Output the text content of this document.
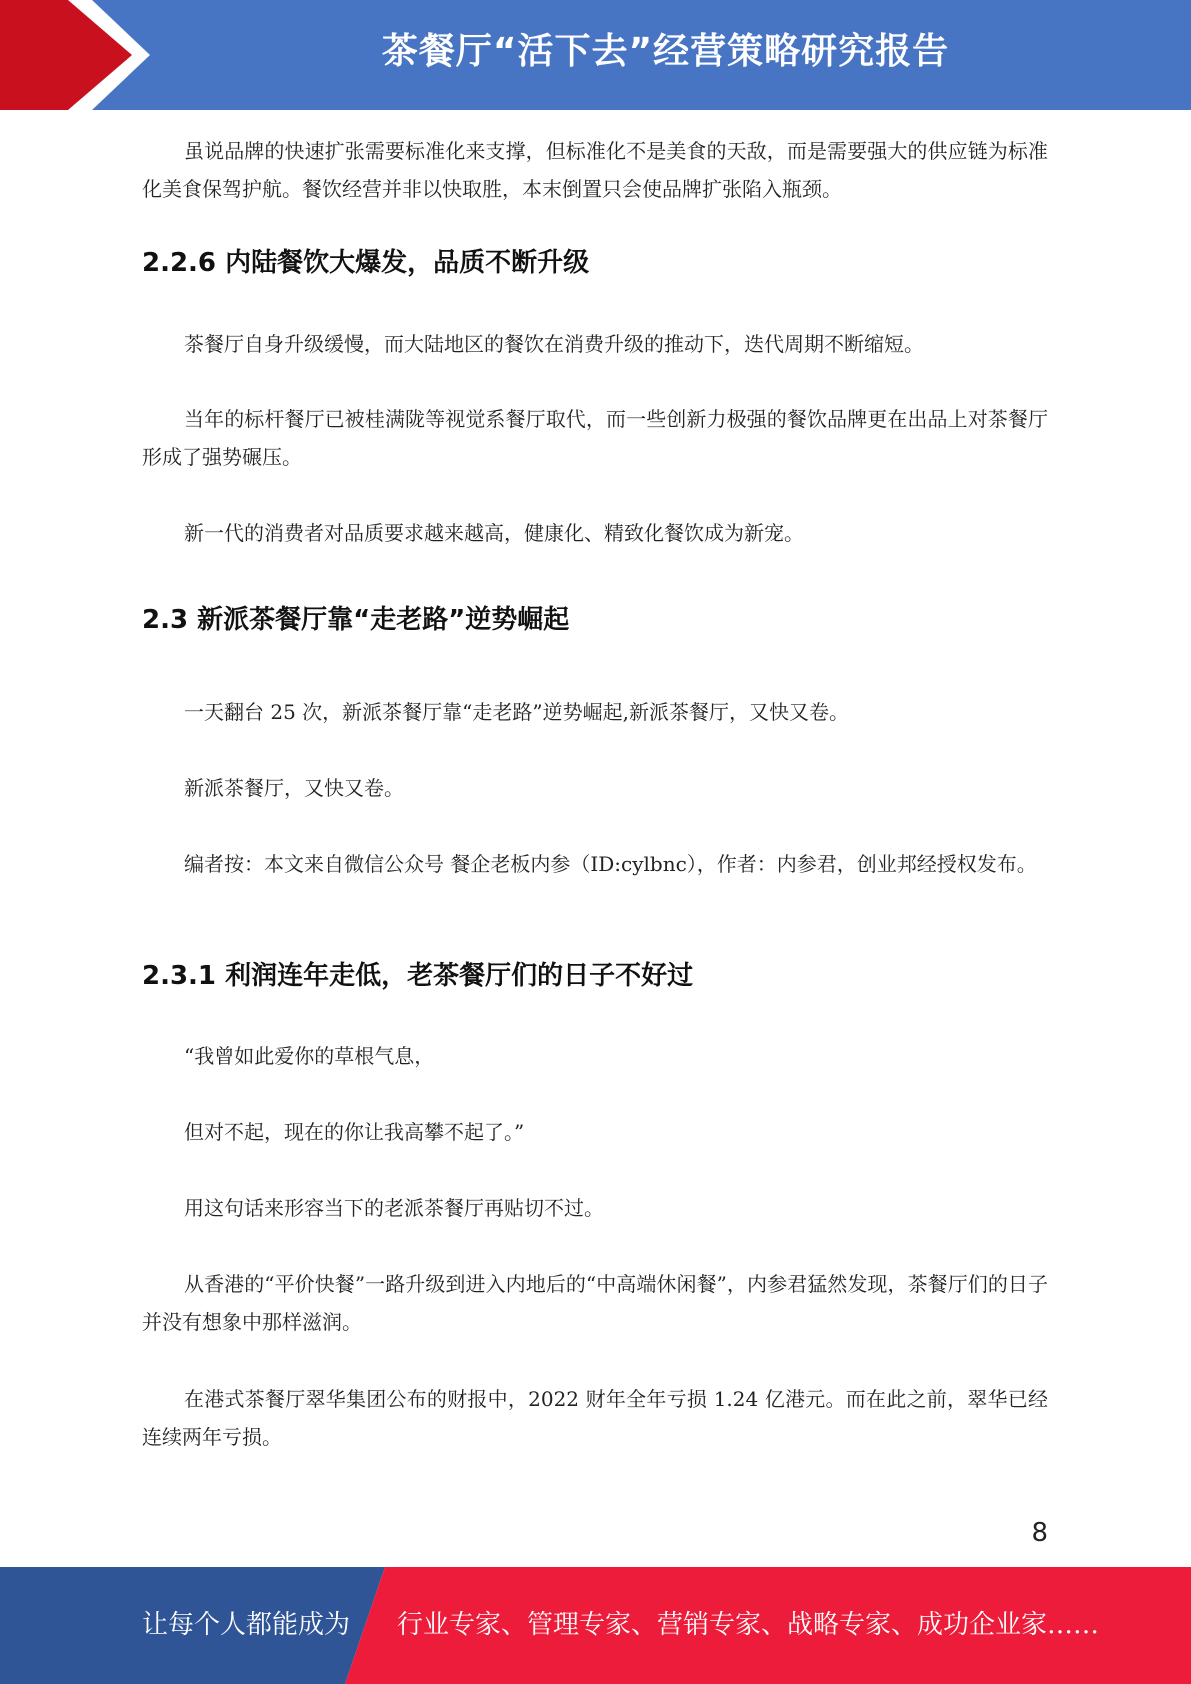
茶餐厅“活下去”经营策略研究报告

虽说品牌的快速扩张需要标准化来支撑，但标准化不是美食的天敌，而是需要强大的供应链为标准化美食保驾护航。餐饮经营并非以快取胜，本末倒置只会使品牌扩张陷入瓶颈。

2.2.6 内陆餐饮大爆发，品质不断升级

茶餐厅自身升级缓慢，而大陆地区的餐饮在消费升级的推动下，迭代周期不断缩短。

当年的标杆餐厅已被桂满陇等视觉系餐厅取代，而一些创新力极强的餐饮品牌更在出品上对茶餐厅形成了强势碾压。

新一代的消费者对品质要求越来越高，健康化、精致化餐饮成为新宠。

2.3 新派茶餐厅靠“走老路”逆势崛起

一天翻台 25 次，新派茶餐厅靠“走老路”逆势崛起,新派茶餐厅，又快又卷。

新派茶餐厅，又快又卷。

编者按：本文来自微信公众号 餐企老板内参（ID:cylbnc），作者：内参君，创业邦经授权发布。

2.3.1 利润连年走低，老茶餐厅们的日子不好过

“我曾如此爱你的草根气息，

但对不起，现在的你让我高攀不起了。”

用这句话来形容当下的老派茶餐厅再贴切不过。

从香港的“平价快餐”一路升级到进入内地后的“中高端休闲餐”，内参君猛然发现，茶餐厅们的日子并没有想象中那样滋润。

在港式茶餐厅翠华集团公布的财报中，2022 财年全年亏损 1.24 亿港元。而在此之前，翠华已经连续两年亏损。

8
让每个人都能成为 行业专家、管理专家、营销专家、战略专家、成功企业家……
